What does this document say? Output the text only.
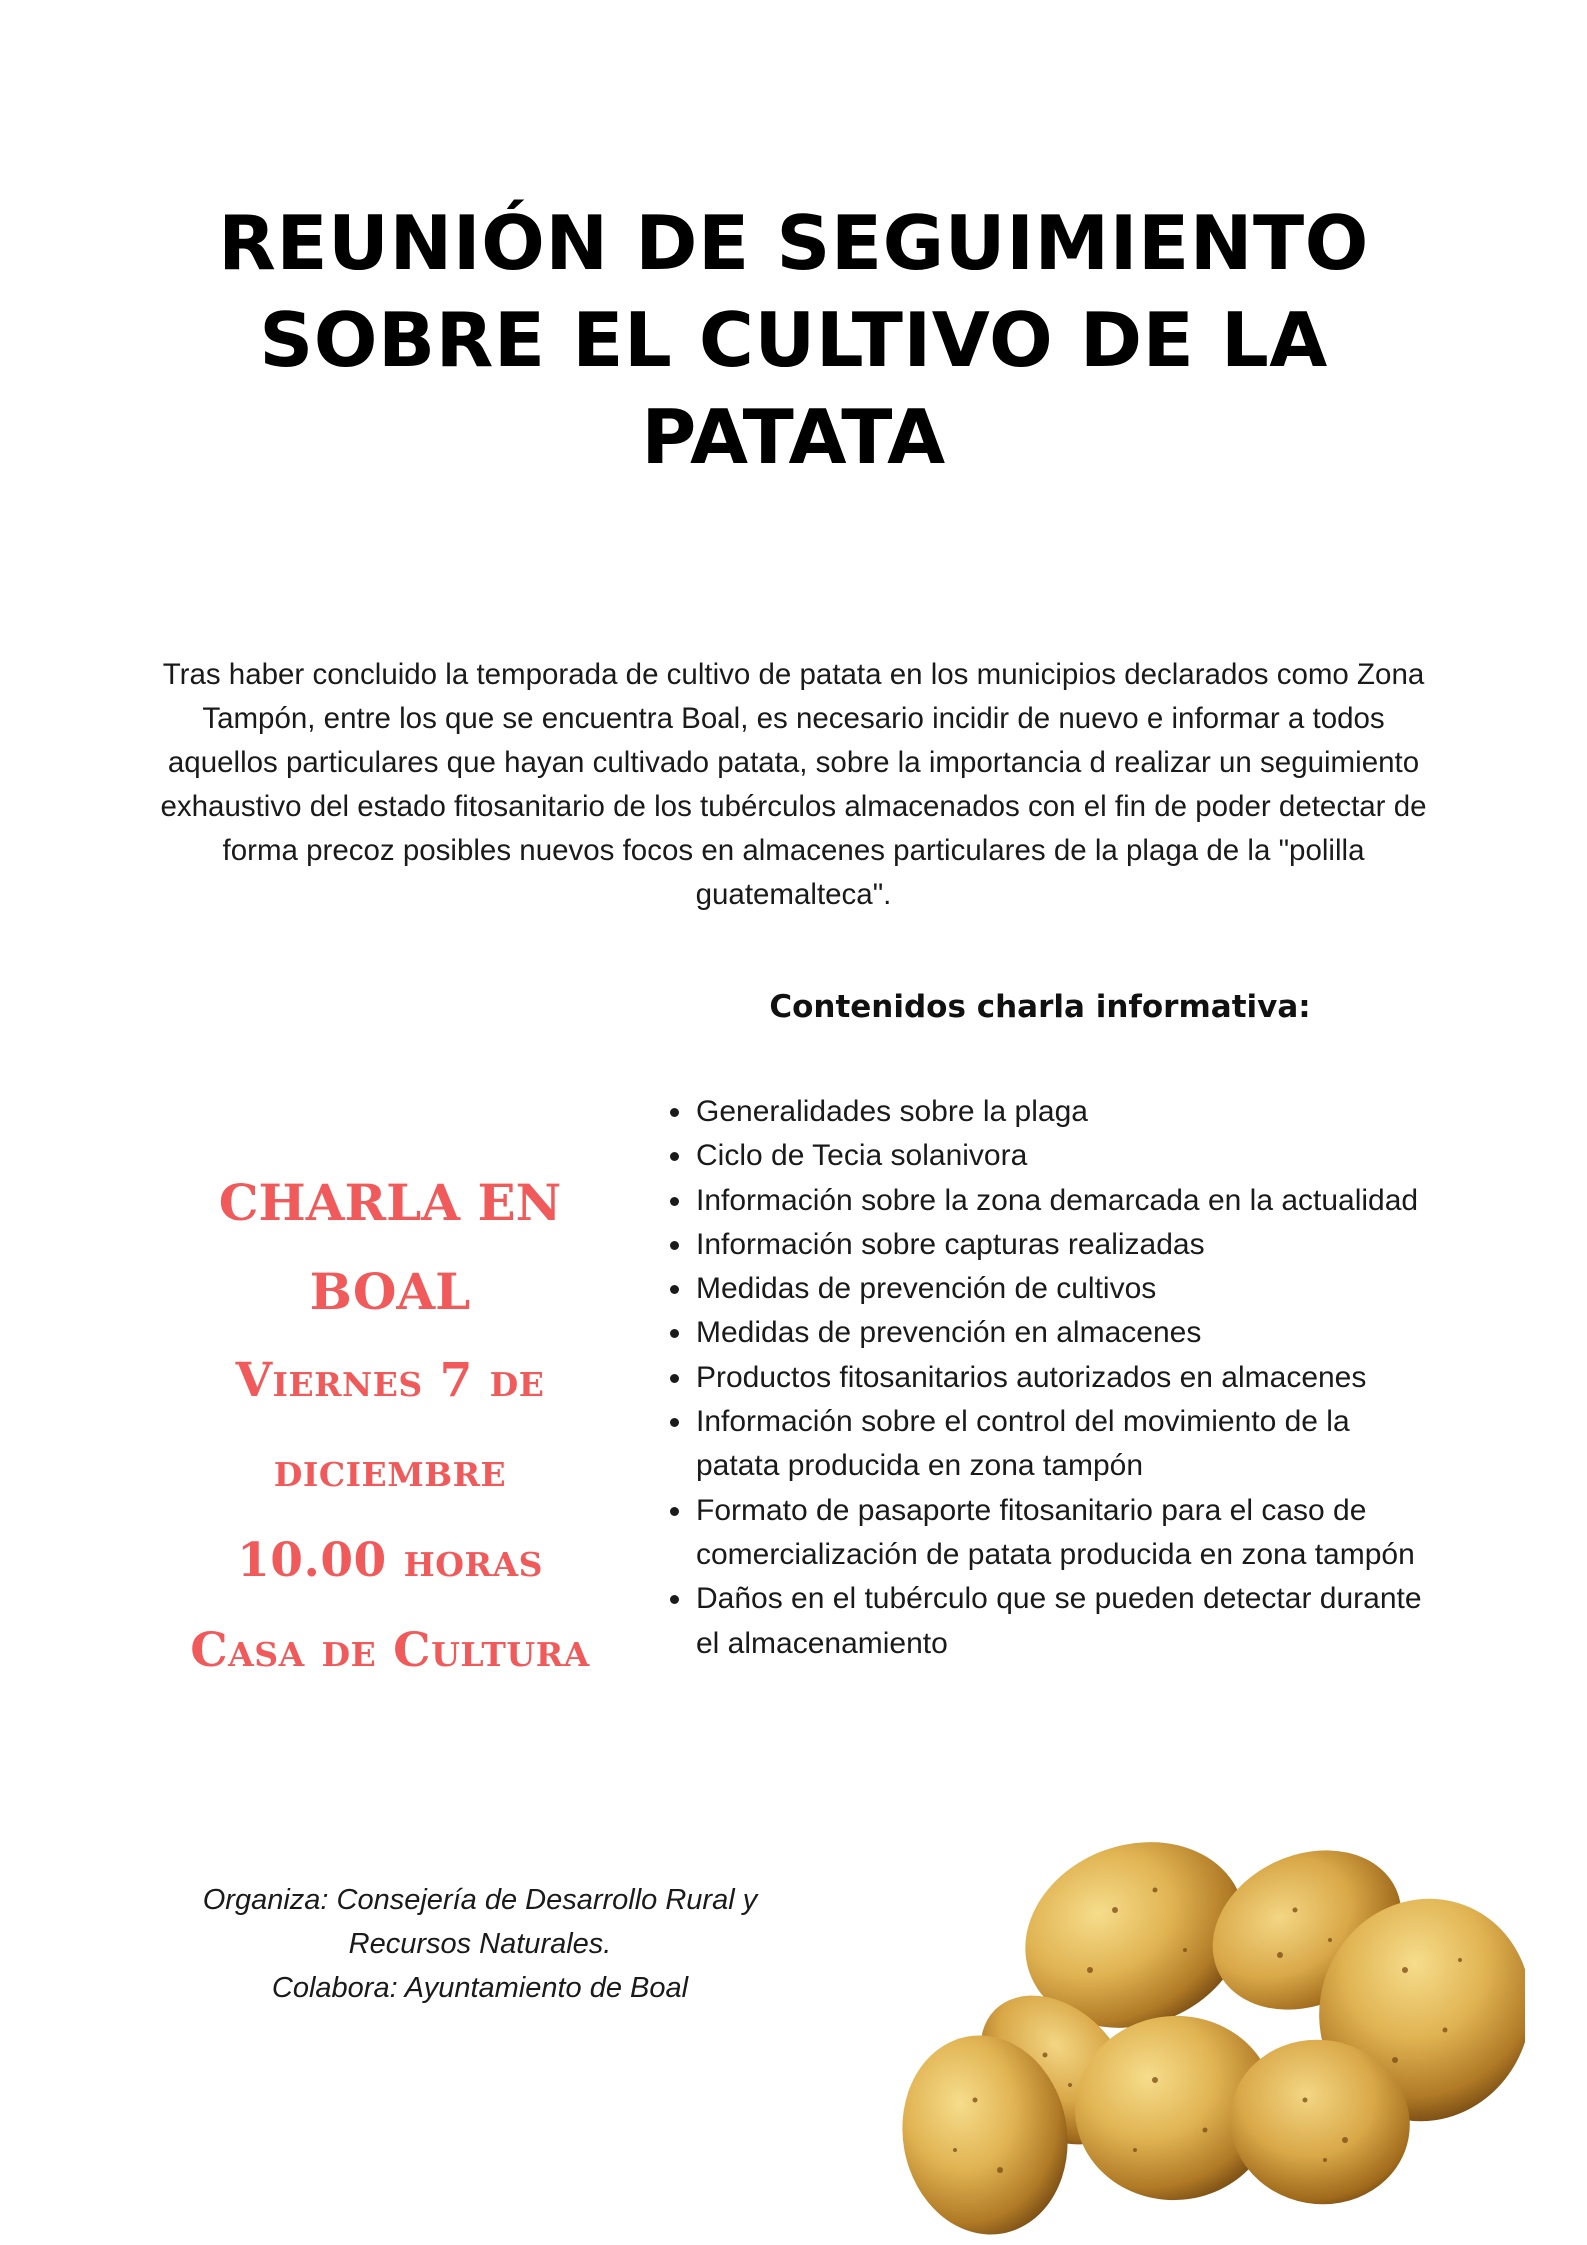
REUNIÓN DE SEGUIMIENTO
SOBRE EL CULTIVO DE LA
PATATA

Tras haber concluido la temporada de cultivo de patata en los municipios declarados como Zona Tampón, entre los que se encuentra Boal, es necesario incidir de nuevo e informar a todos aquellos particulares que hayan cultivado patata, sobre la importancia d realizar un seguimiento exhaustivo del estado fitosanitario de los tubérculos almacenados con el fin de poder detectar de forma precoz posibles nuevos focos en almacenes particulares de la plaga de la "polilla guatemalteca".

Contenidos charla informativa:
Generalidades sobre la plaga
Ciclo de Tecia solanivora
Información sobre la zona demarcada en la actualidad
Información sobre capturas realizadas
Medidas de prevención de cultivos
Medidas de prevención en almacenes
Productos fitosanitarios autorizados en almacenes
Información sobre el control del movimiento de la patata producida en zona tampón
Formato de pasaporte fitosanitario para el caso de comercialización de patata producida en zona tampón
Daños en el tubérculo que se pueden detectar durante el almacenamiento
CHARLA EN
BOAL
Viernes 7 de
diciembre
10.00 horas
Casa de Cultura
Organiza: Consejería de Desarrollo Rural y
Recursos Naturales.
Colabora: Ayuntamiento de Boal
